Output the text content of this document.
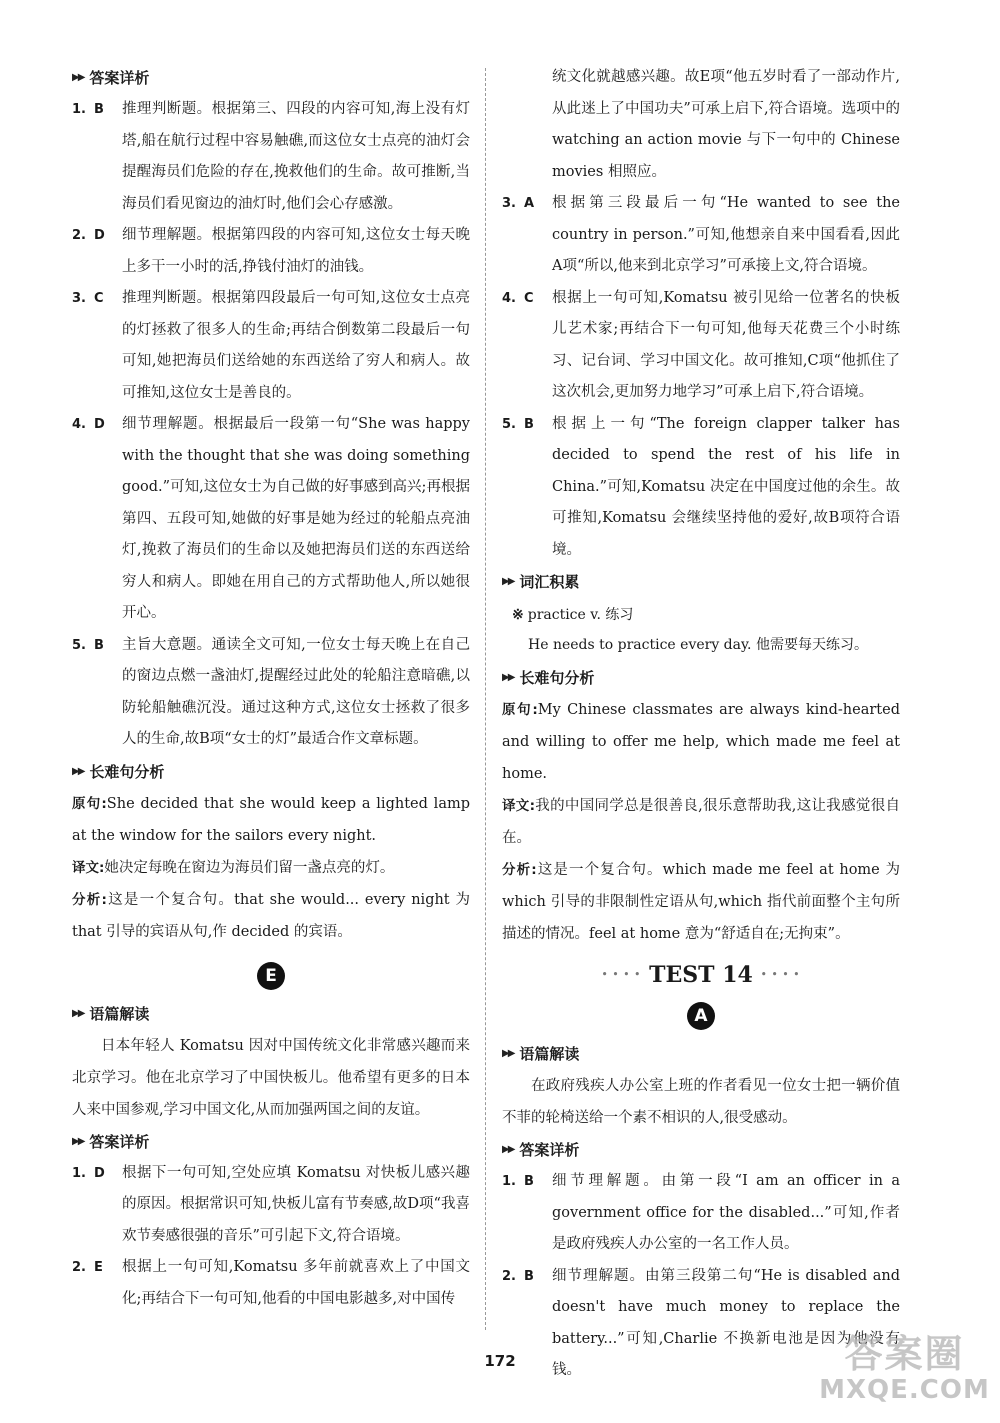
▶▶ 答案详析
1. B	推理判断题。根据第三、四段的内容可知,海上没有灯塔,船在航行过程中容易触礁,而这位女士点亮的油灯会提醒海员们危险的存在,挽救他们的生命。故可推断,当海员们看见窗边的油灯时,他们会心存感激。
2. D	细节理解题。根据第四段的内容可知,这位女士每天晚上多干一小时的活,挣钱付油灯的油钱。
3. C	推理判断题。根据第四段最后一句可知,这位女士点亮的灯拯救了很多人的生命;再结合倒数第二段最后一句可知,她把海员们送给她的东西送给了穷人和病人。故可推知,这位女士是善良的。
4. D	细节理解题。根据最后一段第一句“She was happy with the thought that she was doing something good.”可知,这位女士为自己做的好事感到高兴;再根据第四、五段可知,她做的好事是她为经过的轮船点亮油灯,挽救了海员们的生命以及她把海员们送的东西送给穷人和病人。即她在用自己的方式帮助他人,所以她很开心。
5. B	主旨大意题。通读全文可知,一位女士每天晚上在自己的窗边点燃一盏油灯,提醒经过此处的轮船注意暗礁,以防轮船触礁沉没。通过这种方式,这位女士拯救了很多人的生命,故B项“女士的灯”最适合作文章标题。
▶▶ 长难句分析

原句:She decided that she would keep a lighted lamp at the window for the sailors every night.

译文:她决定每晚在窗边为海员们留一盏点亮的灯。

分析:这是一个复合句。that she would... every night 为 that 引导的宾语从句,作 decided 的宾语。

E
▶▶ 语篇解读

日本年轻人 Komatsu 因对中国传统文化非常感兴趣而来北京学习。他在北京学习了中国快板儿。他希望有更多的日本人来中国参观,学习中国文化,从而加强两国之间的友谊。

▶▶ 答案详析
1. D	根据下一句可知,空处应填 Komatsu 对快板儿感兴趣的原因。根据常识可知,快板儿富有节奏感,故D项“我喜欢节奏感很强的音乐”可引起下文,符合语境。
2. E	根据上一句可知,Komatsu 多年前就喜欢上了中国文化;再结合下一句可知,他看的中国电影越多,对中国传
统文化就越感兴趣。故E项“他五岁时看了一部动作片,从此迷上了中国功夫”可承上启下,符合语境。选项中的 watching an action movie 与下一句中的 Chinese movies 相照应。
3. A	根据第三段最后一句“He wanted to see the country in person.”可知,他想亲自来中国看看,因此A项“所以,他来到北京学习”可承接上文,符合语境。
4. C	根据上一句可知,Komatsu 被引见给一位著名的快板儿艺术家;再结合下一句可知,他每天花费三个小时练习、记台词、学习中国文化。故可推知,C项“他抓住了这次机会,更加努力地学习”可承上启下,符合语境。
5. B	根据上一句“The foreign clapper talker has decided to spend the rest of his life in China.”可知,Komatsu 决定在中国度过他的余生。故可推知,Komatsu 会继续坚持他的爱好,故B项符合语境。
▶▶ 词汇积累
※ practice v. 练习
He needs to practice every day. 他需要每天练习。
▶▶ 长难句分析

原句:My Chinese classmates are always kind-hearted and willing to offer me help, which made me feel at home.

译文:我的中国同学总是很善良,很乐意帮助我,这让我感觉很自在。

分析:这是一个复合句。which made me feel at home 为 which 引导的非限制性定语从句,which 指代前面整个主句所描述的情况。feel at home 意为“舒适自在;无拘束”。

• • • • TEST 14 • • • •
A
▶▶ 语篇解读

在政府残疾人办公室上班的作者看见一位女士把一辆价值不菲的轮椅送给一个素不相识的人,很受感动。

▶▶ 答案详析
1. B	细节理解题。由第一段“I am an officer in a government office for the disabled...”可知,作者是政府残疾人办公室的一名工作人员。
2. B	细节理解题。由第三段第二句“He is disabled and doesn't have much money to replace the battery...”可知,Charlie 不换新电池是因为他没有钱。
172	答案圈
MXQE.COM
